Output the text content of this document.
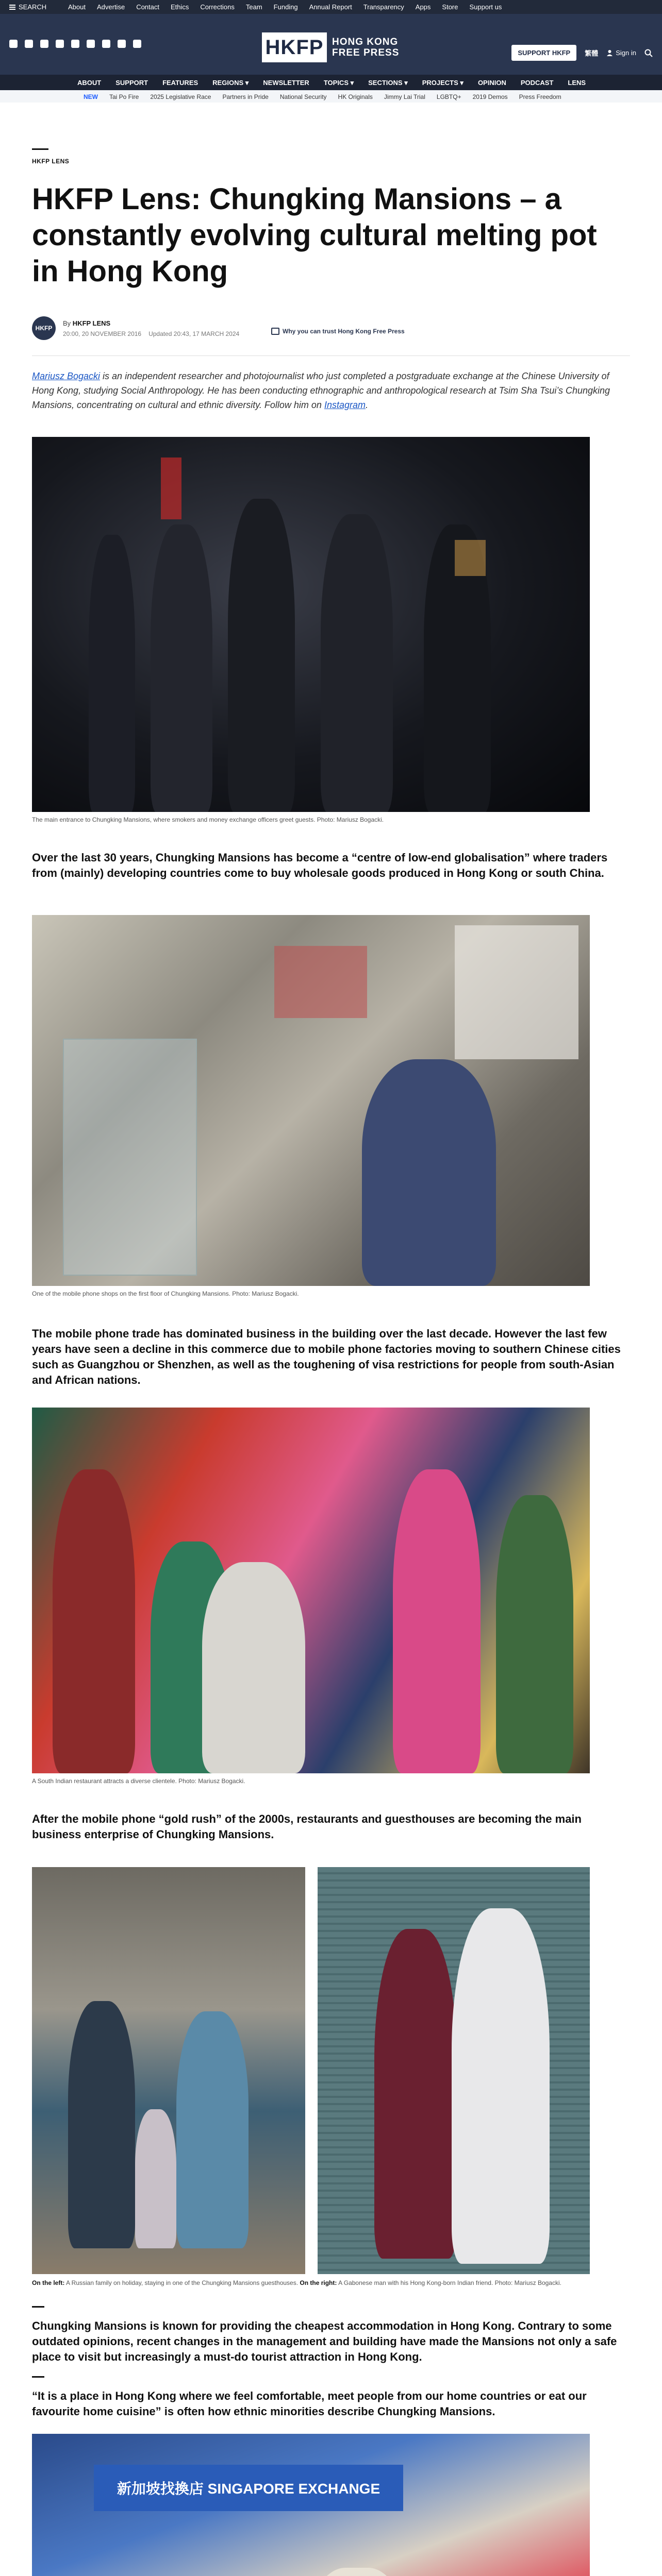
SEARCH	About Advertise Contact Ethics Corrections Team Funding Annual Report Transparency Apps Store Support us
HKFP HONG KONG
FREE PRESS	SUPPORT HKFP	繁體	Sign in
ABOUT SUPPORT FEATURES REGIONS ▾ NEWSLETTER TOPICS ▾ SECTIONS ▾ PROJECTS ▾ OPINION PODCAST LENS
NEW Tai Po Fire 2025 Legislative Race Partners in Pride National Security HK Originals Jimmy Lai Trial LGBTQ+ 2019 Demos Press Freedom
HKFP LENS
HKFP Lens: Chungking Mansions – a constantly evolving cultural melting pot in Hong Kong
HKFP
By HKFP LENS
20:00, 20 NOVEMBER 2016 Updated 20:43, 17 MARCH 2024	Why you can trust Hong Kong Free Press

Mariusz Bogacki is an independent researcher and photojournalist who just completed a postgraduate exchange at the Chinese University of Hong Kong, studying Social Anthropology. He has been conducting ethnographic and anthropological research at Tsim Sha Tsui’s Chungking Mansions, concentrating on cultural and ethnic diversity. Follow him on Instagram.

The main entrance to Chungking Mansions, where smokers and money exchange officers greet guests. Photo: Mariusz Bogacki.

Over the last 30 years, Chungking Mansions has become a “centre of low-end globalisation” where traders from (mainly) developing countries come to buy wholesale goods produced in Hong Kong or south China.

One of the mobile phone shops on the first floor of Chungking Mansions. Photo: Mariusz Bogacki.

The mobile phone trade has dominated business in the building over the last decade. However the last few years have seen a decline in this commerce due to mobile phone factories moving to southern Chinese cities such as Guangzhou or Shenzhen, as well as the toughening of visa restrictions for people from south-Asian and African nations.

A South Indian restaurant attracts a diverse clientele. Photo: Mariusz Bogacki.

After the mobile phone “gold rush” of the 2000s, restaurants and guesthouses are becoming the main business enterprise of Chungking Mansions.

On the left: A Russian family on holiday, staying in one of the Chungking Mansions guesthouses. On the right: A Gabonese man with his Hong Kong-born Indian friend. Photo: Mariusz Bogacki.

Chungking Mansions is known for providing the cheapest accommodation in Hong Kong. Contrary to some outdated opinions, recent changes in the management and building have made the Mansions not only a safe place to visit but increasingly a must-do tourist attraction in Hong Kong.

“It is a place in Hong Kong where we feel comfortable, meet people from our home countries or eat our favourite home cuisine” is often how ethnic minorities describe Chungking Mansions.

新加坡找換店 SINGAPORE EXCHANGE
